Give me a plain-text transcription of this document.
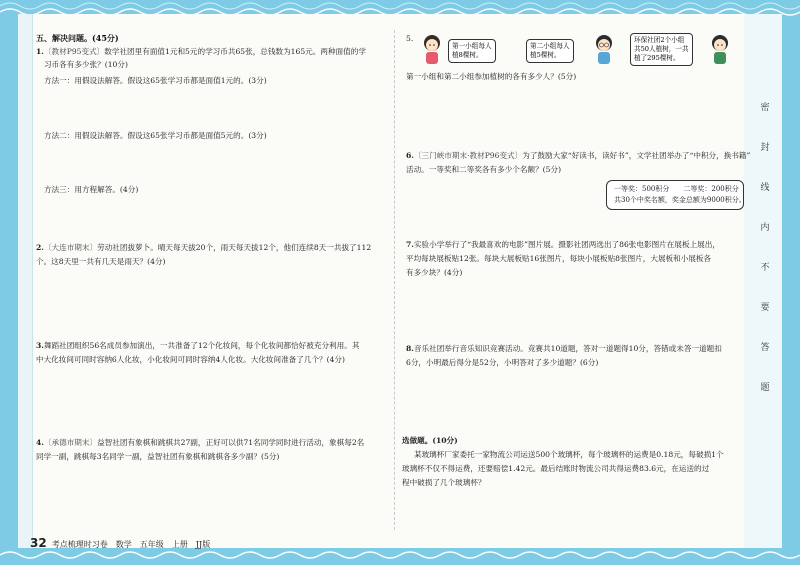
密
封
线
内
不
要
答
题
五、解决问题。(45分)
1.〔教材P95变式〕数学社团里有面值1元和5元的学习币共65张，总钱数为165元。两种面值的学
习币各有多少张？(10分)
方法一：用假设法解答。假设这65张学习币都是面值1元的。(3分)
方法二：用假设法解答。假设这65张学习币都是面值5元的。(3分)
方法三：用方程解答。(4分)
2.〔大连市期末〕劳动社团拔萝卜。晴天每天拔20个，雨天每天拔12个，他们连续8天一共拔了112
个。这8天里一共有几天是雨天？(4分)
3.舞蹈社团组织56名成员参加演出，一共准备了12个化妆间，每个化妆间都恰好被充分利用。其
中大化妆间可同时容纳6人化妆，小化妆间可同时容纳4人化妆。大化妆间准备了几个？(4分)
4.〔承德市期末〕益智社团有象棋和跳棋共27副，正好可以供71名同学同时进行活动，象棋每2名
同学一副，跳棋每3名同学一副，益智社团有象棋和跳棋各多少副？(5分)
5.
第一小组每人
植8棵树。
第二小组每人
植5棵树。
环保社团2个小组
共50人植树，一共
植了295棵树。
第一小组和第二小组参加植树的各有多少人？(5分)
6.〔三门峡市期末·教材P96变式〕为了鼓励大家“好读书，读好书”，文学社团举办了“中积分，换书籍”
活动。一等奖和二等奖各有多少个名额？(5分)
一等奖：500积分　　二等奖：200积分
共30个中奖名额，奖金总额为9000积分。
7.实验小学举行了“我最喜欢的电影”图片展。摄影社团两选出了86张电影图片在展板上展出，
平均每块展板贴12张。每块大展板贴16张图片，每块小展板贴8张图片，大展板和小展板各
有多少块？(4分)
8.音乐社团举行音乐知识竞赛活动。竞赛共10道题，答对一道题得10分，答错或未答一道题扣
6分，小明最后得分是52分，小明答对了多少道题？(6分)
选做题。(10分)
某玻璃杯厂家委托一家物流公司运送500个玻璃杯，每个玻璃杯的运费是0.18元，每破损1个
玻璃杯不仅不得运费，还要赔偿1.42元。最后结账时物流公司共得运费83.6元，在运送的过
程中破损了几个玻璃杯？
32 考点梳理时习卷　数学　五年级　上册　JJ版
